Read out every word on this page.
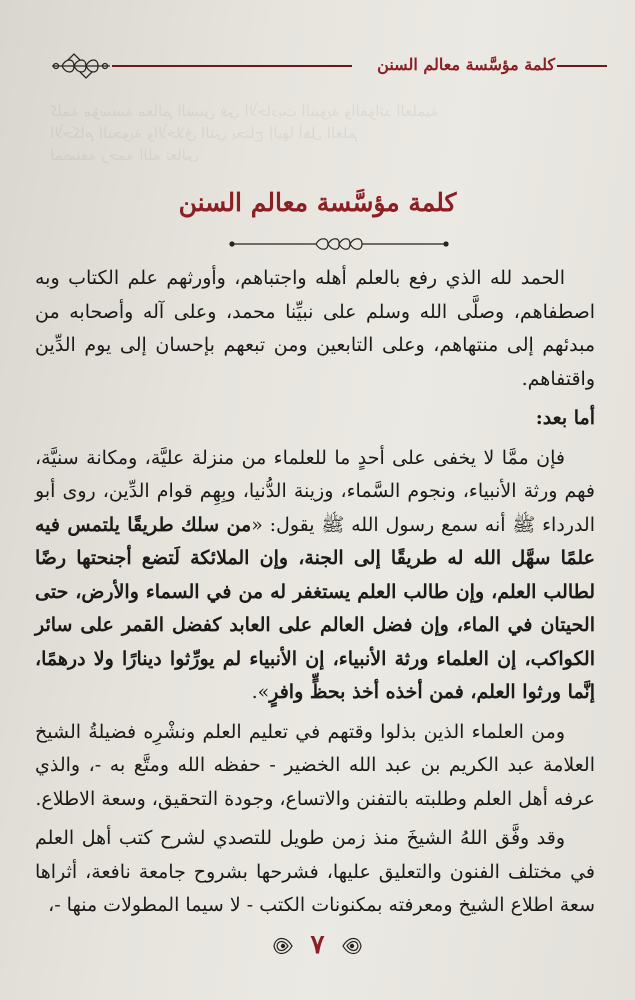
كلمة مؤسَّسة معالم السنن
كلمة مؤسسة معالم السنن في الأحاديث النبوية والفوائد العلمية
الأحكام النحوية والأخلاق التي يحتاج إليها أهل العلم
لمصنفه رحمه الله تعالى
كلمة مؤسَّسة معالم السنن

الحمد لله الذي رفع بالعلم أهله واجتباهم، وأورثهم علم الكتاب وبه اصطفاهم، وصلَّى الله وسلم على نبيِّنا محمد، وعلى آله وأصحابه من مبدئهم إلى منتهاهم، وعلى التابعين ومن تبعهم بإحسان إلى يوم الدِّين واقتفاهم.

أما بعد:

فإن ممَّا لا يخفى على أحدٍ ما للعلماء من منزلة عليَّة، ومكانة سنيَّة، فهم ورثة الأنبياء، ونجوم السَّماء، وزينة الدُّنيا، وبِهِم قوام الدِّين، روى أبو الدرداء ﷺ أنه سمع رسول الله ﷺ يقول: «من سلك طريقًا يلتمس فيه علمًا سهَّل الله له طريقًا إلى الجنة، وإن الملائكة لَتضع أجنحتها رضًا لطالب العلم، وإن طالب العلم يستغفر له من في السماء والأرض، حتى الحيتان في الماء، وإن فضل العالم على العابد كفضل القمر على سائر الكواكب، إن العلماء ورثة الأنبياء، إن الأنبياء لم يورِّثوا دينارًا ولا درهمًا، إنَّما ورثوا العلم، فمن أخذه أخذ بحظٍّ وافرٍ».

ومن العلماء الذين بذلوا وقتهم في تعليم العلم ونشْرِه فضيلةُ الشيخ العلامة عبد الكريم بن عبد الله الخضير - حفظه الله ومتَّع به -، والذي عرفه أهل العلم وطلبته بالتفنن والاتساع، وجودة التحقيق، وسعة الاطلاع.

وقد وفَّق اللهُ الشيخَ منذ زمن طويل للتصدي لشرح كتب أهل العلم في مختلف الفنون والتعليق عليها، فشرحها بشروح جامعة نافعة، أثراها سعة اطلاع الشيخ ومعرفته بمكنونات الكتب - لا سيما المطولات منها -،

٧
